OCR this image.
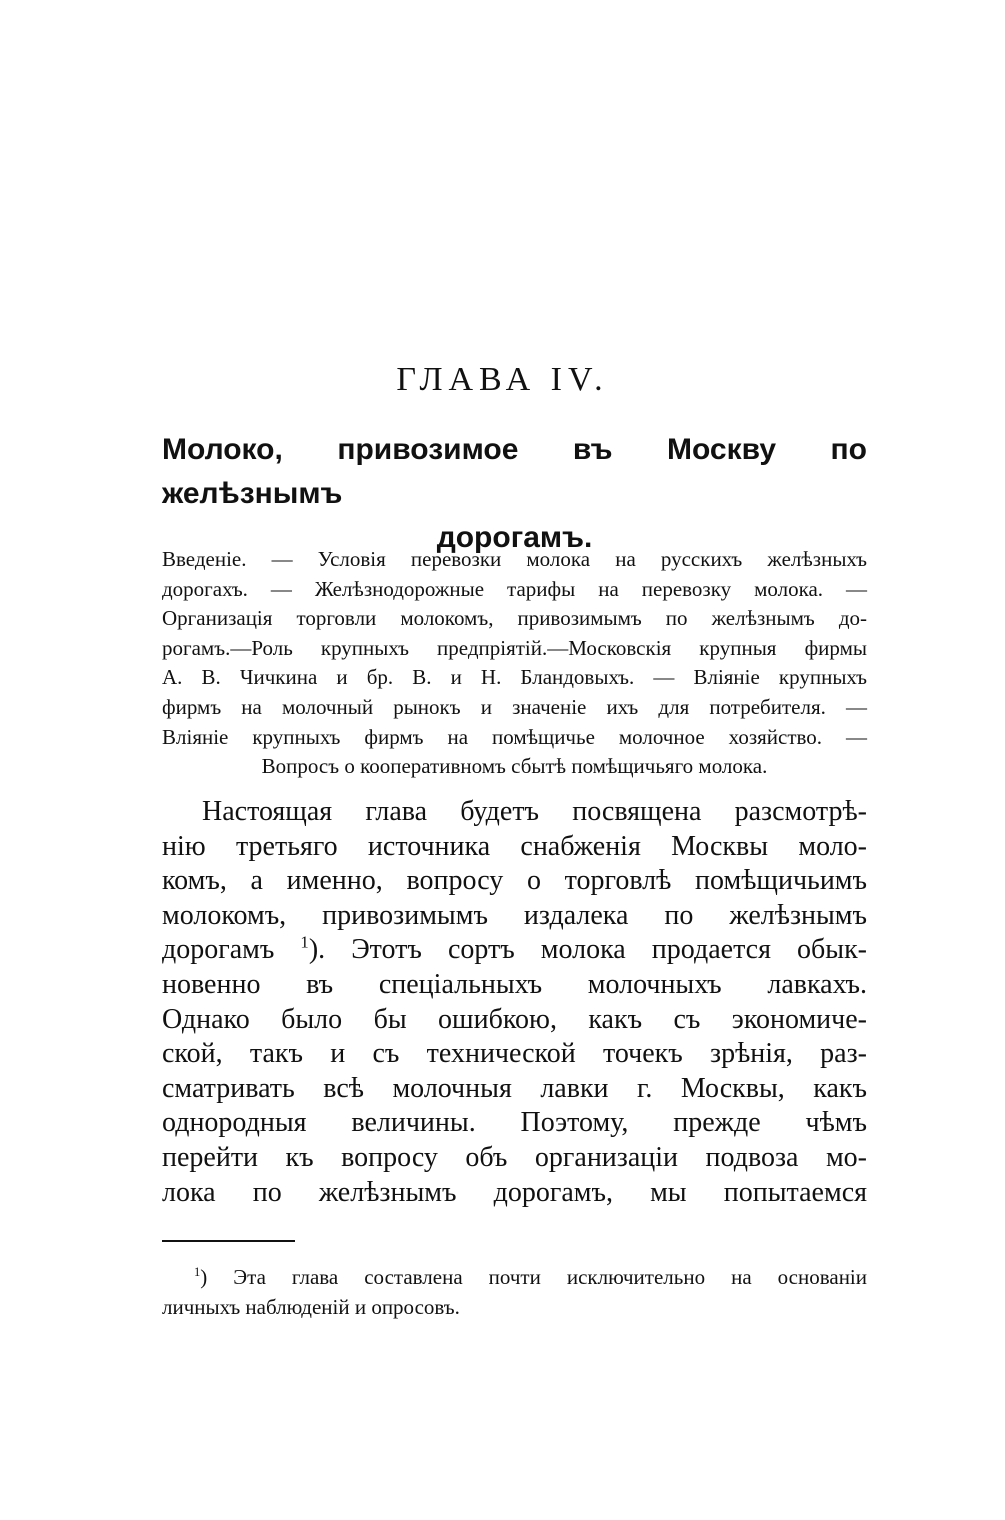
ГЛАВА IV.
Молоко, привозимое въ Москву по желѣзнымъ
дорогамъ.
Введеніе. — Условія перевозки молока на русскихъ желѣзныхъ
дорогахъ. — Желѣзнодорожные тарифы на перевозку молока. —
Организація торговли молокомъ, привозимымъ по желѣзнымъ до-
рогамъ.—Роль крупныхъ предпріятій.—Московскія крупныя фирмы
А. В. Чичкина и бр. В. и Н. Бландовыхъ. — Вліяніе крупныхъ
фирмъ на молочный рынокъ и значеніе ихъ для потребителя. —
Вліяніе крупныхъ фирмъ на помѣщичье молочное хозяйство. —
Вопросъ о кооперативномъ сбытѣ помѣщичьяго молока.
Настоящая глава будетъ посвящена разсмотрѣ-
нію третьяго источника снабженія Москвы моло-
комъ, а именно, вопросу о торговлѣ помѣщичьимъ
молокомъ, привозимымъ издалека по желѣзнымъ
дорогамъ $^1$). Этотъ сортъ молока продается обык-
новенно въ спеціальныхъ молочныхъ лавкахъ.
Однако было бы ошибкою, какъ съ экономиче-
ской, такъ и съ технической точекъ зрѣнія, раз-
сматривать всѣ молочныя лавки г. Москвы, какъ
однородныя величины. Поэтому, прежде чѣмъ
перейти къ вопросу объ организаціи подвоза мо-
лока по желѣзнымъ дорогамъ, мы попытаемся
$^1$) Эта глава составлена почти исключительно на основаніи
личныхъ наблюденій и опросовъ.
